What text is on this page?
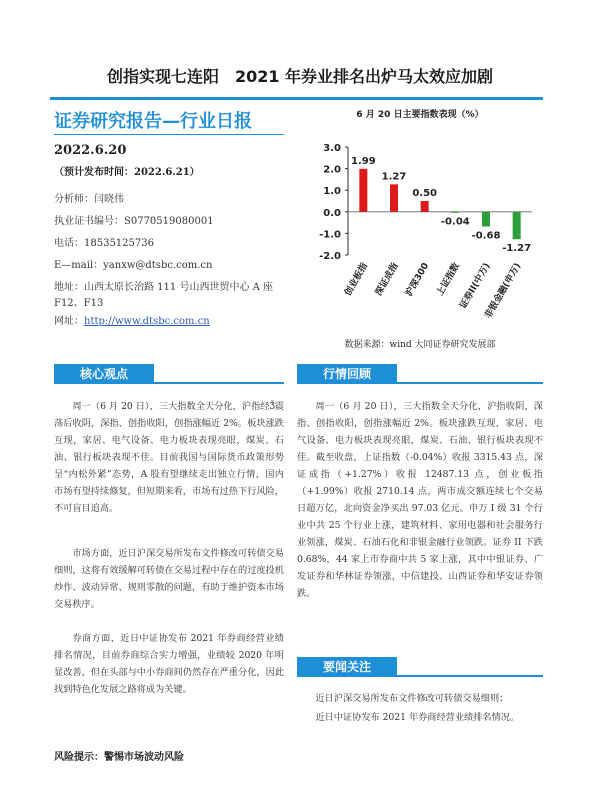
创指实现七连阳　2021 年券业排名出炉马太效应加剧
证券研究报告—行业日报
2022.6.20
（预计发布时间：2022.6.21）
分析师：闫晓伟
执业证书编号：S0770519080001
电话：18535125736
E—mail：yanxw@dtsbc.com.cn
地址：山西太原长治路 111 号山西世贸中心 A 座
F12、F13
网址：http://www.dtsbc.com.cn
6 月 20 日主要指数表现（%）
3.0
2.0
1.0
0.0
-1.0
-2.0
1.99
创业板指
1.27
深证成指
0.50
沪深300
-0.04
上证指数
-0.68
证券II(中万)
-1.27
非银金融(申万)
数据来源：wind 大同证券研究发展部
核心观点	行情回顾
周一（6 月 20 日），三大指数全天分化，沪指经Ǯ震荡后收阴，深指、创指收阳，创指涨幅近 2%。板块涨跌互现，家居、电气设备、电力板块表现亮眼，煤炭、石油、银行板块表现不佳。目前我国与国际货币政策形势呈“内松外紧”态势，A 股有望继续走出独立行情，国内市场有望持续修复，但短期来看，市场有过热下行风险，不可盲目追高。
市场方面，近日沪深交易所发布文件修改可转债交易细则，这将有效缓解可转债在交易过程中存在的过度投机炒作、波动异常、规则零散的问题，有助于维护资本市场交易秩序。
券商方面，近日中证协发布 2021 年券商经营业绩排名情况，目前券商综合实力增强，业绩较 2020 年明显改善，但在头部与中小券商间仍然存在严重分化，因此找到特色化发展之路将成为关键。
风险提示：警惕市场波动风险
周一（6 月 20 日），三大指数全天分化，沪指收阴，深指、创指收阳，创指涨幅近 2%。板块涨跌互现，家居、电气设备、电力板块表现亮眼，煤炭、石油、银行板块表现不佳。截至收盘，上证指数（-0.04%）收报 3315.43 点，深证成指（+1.27%）收报 12487.13 点，创业板指（+1.99%）收报 2710.14 点，两市成交额连续七个交易日超万亿，北向资金净买出 97.03 亿元。申万 I 级 31 个行业中共 25 个行业上涨，建筑材料、家用电器和社会服务行业领涨，煤炭、石油石化和非银金融行业领跌。证券 II 下跌 0.68%，44 家上市券商中共 5 家上涨，其中中银证券、广发证券和华林证券领涨，中信建投、山西证券和华安证券领跌。
要闻关注
近日沪深交易所发布文件修改可转债交易细则；
近日中证协发布 2021 年券商经营业绩排名情况。
